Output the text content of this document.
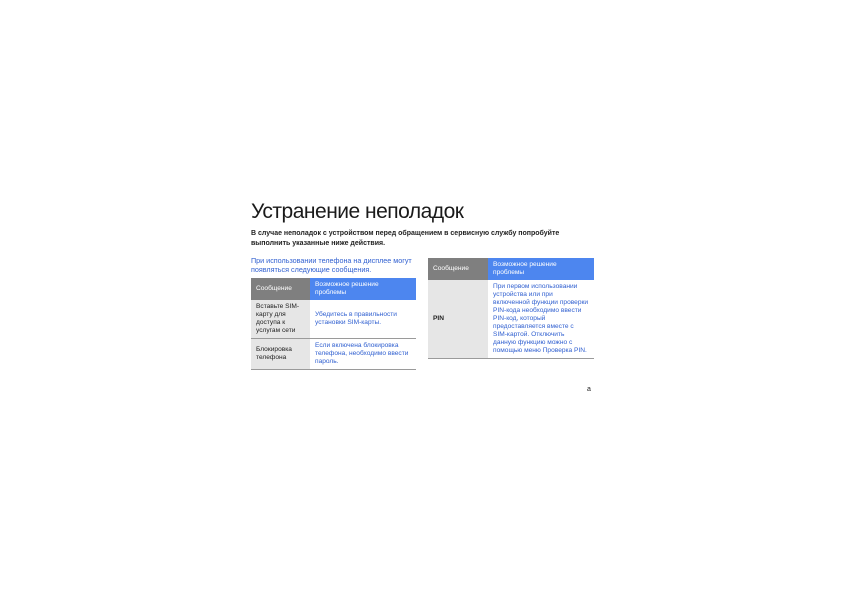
Устранение неполадок
В случае неполадок с устройством перед обращением в сервисную службу попробуйте выполнить указанные ниже действия.
При использовании телефона на дисплее могут появляться следующие сообщения.
Сообщение	Возможное решение проблемы
Вставьте SIM-карту для доступа к услугам сети	Убедитесь в правильности установки SIM-карты.
Блокировка телефона	Если включена блокировка телефона, необходимо ввести пароль.
Сообщение	Возможное решение проблемы
PIN	При первом использовании устройства или при включенной функции проверки PIN-кода необходимо ввести PIN-код, который предоставляется вместе с SIM-картой. Отключить данную функцию можно с помощью меню Проверка PIN.
a
